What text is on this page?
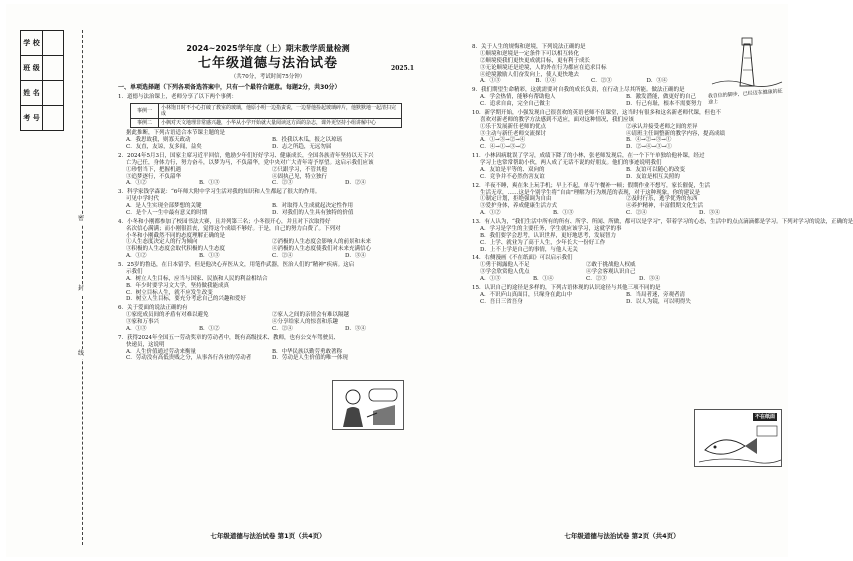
学 校	
班 级	
姓 名	
考 号	
密
封
线
2024~2025学年度（上）期末教学质量检测
七年级道德与法治试卷	2025.1
（共70分，考试时间75分钟）
一、单项选择题（下列各项备选答案中，只有一个最符合题意。每题2分，共30分）
1．道德与法治课上，老师分享了以下两个事例：
事例一	小林饱日时不小心打破了教室的玻璃，他原小明一边指责说，一边帮他捡起玻璃碎片，他默默地一起清扫完成
事例二	小枫对天文地理非常感兴趣，小华从小学开始就大量阅读这方面的杂志，课外更坚持小组讲解中心
据此推断，下列古语适合本节课主题的是
A．我思故我，则寡天政动	B．投我以木瓜，报之以琼瑶
C．友直，友谅，友多闻，益矣	D．志之所趋，无远勿届
2．2024年5月3日，国家主席习近平回信，勉励少年们好好学习、健康成长，全国各族青年坚持以天下兴
亡为己任，身体力行，努力奋斗，以梦为马，不负韶华，党中央对广大青年寄予厚望。这启示我们应该
①珍惜当下，把握机遇	②只跟学习，不管其他
③追梦逐行，不负韶华	④固执己见，特立独行
A．①②	B．①③	C．②③	D．②④
3．科学家钱学森说：“6年师大附中学习生活对我的知识和人生都起了很大的作用。
可见中学时代
A．是人生实现全部梦想的关键	B．对取得人生成就起决定性作用
C．是个人一生中最有意义的时期	D．对我们的人生具有独特的价值
4．小冬和小刚都参加了校园书法大赛，且并列第三名；小冬很开心，并且对下次取得好
名次信心满满；而小刚很沮丧，觉得这个成绩不够好。于是，自己的努力白费了。下列对
小冬和小刚截然不同的态度理解正确的是
①人生态度决定人的行为倾向	②消极的人生态度会影响人的前景和未来
③积极的人生态度会取代积极的人生态度	④消极的人生态度使我们对未来充满信心
A．①②	B．①③	C．②④	D．③④
5．25岁的鲁迅，在日本留学，但是他决心弃医从文，用笔作武器，医治人们的“精神”疾病。这启
示我们
A．树立人生目标，应当与国家、民族和人民的利益相结合
B．年少时要学习文大学，坚持做我能成真
C．树立目标人生，就不应发生改变
D．树立人生目标，要充分考虑自己的兴趣和爱好
6．关于爱面的说法正确的有
①家庭成员间的矛盾有对难以避免	②家人之间的亲情会有难以隔越
③家和万事兴	④分享给家人的惊喜和乐趣
A．①③	B．①②	C．②④	D．③④
7．获得2024年全国五一劳动奖章的劳动者中，既有高级技术、教师，也有公交车驾驶员、
快递员，这说明
A．人生价值通过劳动来衡量	B．中华民族以勤劳勇敢著称
C．劳动没有高低贵贱之分，从事各行各业的劳动者	D．劳动是人生价值的唯一体现
8．关于人生的规悔和逆境，下列说法正确的是
①顺境和逆境是一定条件下可以相互转化
②顺境使我们更快更成就目标，更有利于成长
③无论顺境还是逆境，人的外在行为都应在追求目标
④逆境激励人们奋发向上，使人更快地去
A．①③	B．①④	C．②③	D．③④
9．我们期望生命精彩，这就需要对自我的成长负责，在行动上尽其所能。做法正确的是
A．学会热情，能够有帮助他人	B．激发潜能，做更好的自己
C．追求自由，完全自己做主	D．行己有耻，根本不需要努力
10．新学期开始，小强发现自己很喜欢的英语老师不在课堂，这当时有很多和这名新老师代课，但也不
喜欢对新老师的教学方法感到不适应，面对这种情况，我们应该
①乐于发展新任老师的优点	②承认并接受老师之间的差异
③主动与新任老师交流探讨	④请班主任调整新的教学内容，提高成绩
A．①→③→②→④	B．④→②→③→①
C．④→①→③→②	D．②→④→③→①
11．小林因病耽误了学习，成绩下降了的小林，张老师发现后，在一个下午单独给他补课，经过
学习上也常常帮助小伙，两人成了无话不说的好朋友。他们的事迹说明我们
A．友谊是平等的、双向的	B．友谊可以随心的改变
C．竞争并不必然伤害友谊	D．友谊是相互关照的
12．半夜不睡，爽在朱上玩手机；早上不起，单专午餐补一顿；假期作业不想写，家长催促，生活
生活无章，……这是个别学生将“自由”理解为行为规范的表现，对于这种现象，你的建议是
①制定计划，拒绝强调为自由	②及时行乐，逃学优秀的东西
③爱护身体，养成健康生活方式	④养护精神，丰富假期文化生活
A．①②	B．①③	C．②④	D．③④
13．有人认为，“我们生活中所有的所有、所学、所闻、所做，都可以是学习”，带着学习的心态，生活中的点点滴滴都是学习。下列对学习的说法，正确的是
A．学习是学生的主要任务，学生就应该学习，这就学的事
B．我们要学会思考，认识世界，更好地思考，发展智力
C．上学、就业为了高于人生，少年长大一份好工作
D．上不上学是自己的事情，与他人无关
14．右侧漫画《不在纸面》可以启示我们
①勇于揭露他人不足	②敢于挑战他人权威
③学会欣赏他人优点	④学会客观认识自己
A．①③	B．①④	C．②③	D．③④
15．认识自己的途径是多样的，下列古语体现的认识途径与其他三项不同的是
A．不识庐山真面目，只缘身在此山中	B．当局者迷，旁观者清
C．吾日三省吾身	D．以人为镜，可以明得失
我自信的脚步，已经迈在健康的征途上
不在纸面
七年级道德与法治试卷 第1页（共4页）	七年级道德与法治试卷 第2页（共4页）
